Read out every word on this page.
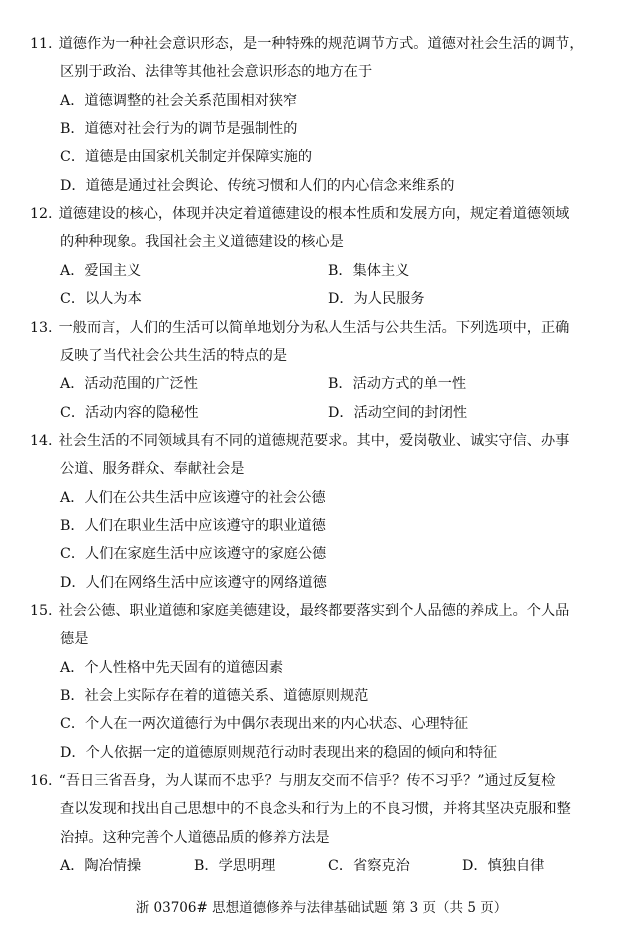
11. 道德作为一种社会意识形态，是一种特殊的规范调节方式。道德对社会生活的调节，
区别于政治、法律等其他社会意识形态的地方在于
A．道德调整的社会关系范围相对狭窄
B．道德对社会行为的调节是强制性的
C．道德是由国家机关制定并保障实施的
D．道德是通过社会舆论、传统习惯和人们的内心信念来维系的
12. 道德建设的核心，体现并决定着道德建设的根本性质和发展方向，规定着道德领域
的种种现象。我国社会主义道德建设的核心是
A．爱国主义	B．集体主义
C．以人为本	D．为人民服务
13. 一般而言，人们的生活可以简单地划分为私人生活与公共生活。下列选项中，正确
反映了当代社会公共生活的特点的是
A．活动范围的广泛性	B．活动方式的单一性
C．活动内容的隐秘性	D．活动空间的封闭性
14. 社会生活的不同领域具有不同的道德规范要求。其中，爱岗敬业、诚实守信、办事
公道、服务群众、奉献社会是
A．人们在公共生活中应该遵守的社会公德
B．人们在职业生活中应该遵守的职业道德
C．人们在家庭生活中应该遵守的家庭公德
D．人们在网络生活中应该遵守的网络道德
15. 社会公德、职业道德和家庭美德建设，最终都要落实到个人品德的养成上。个人品
德是
A．个人性格中先天固有的道德因素
B．社会上实际存在着的道德关系、道德原则规范
C．个人在一两次道德行为中偶尔表现出来的内心状态、心理特征
D．个人依据一定的道德原则规范行动时表现出来的稳固的倾向和特征
16. “吾日三省吾身，为人谋而不忠乎？与朋友交而不信乎？传不习乎？”通过反复检
查以发现和找出自己思想中的不良念头和行为上的不良习惯，并将其坚决克服和整
治掉。这种完善个人道德品质的修养方法是
A．陶冶情操	B．学思明理	C．省察克治	D．慎独自律
浙 03706# 思想道德修养与法律基础试题 第 3 页（共 5 页）
